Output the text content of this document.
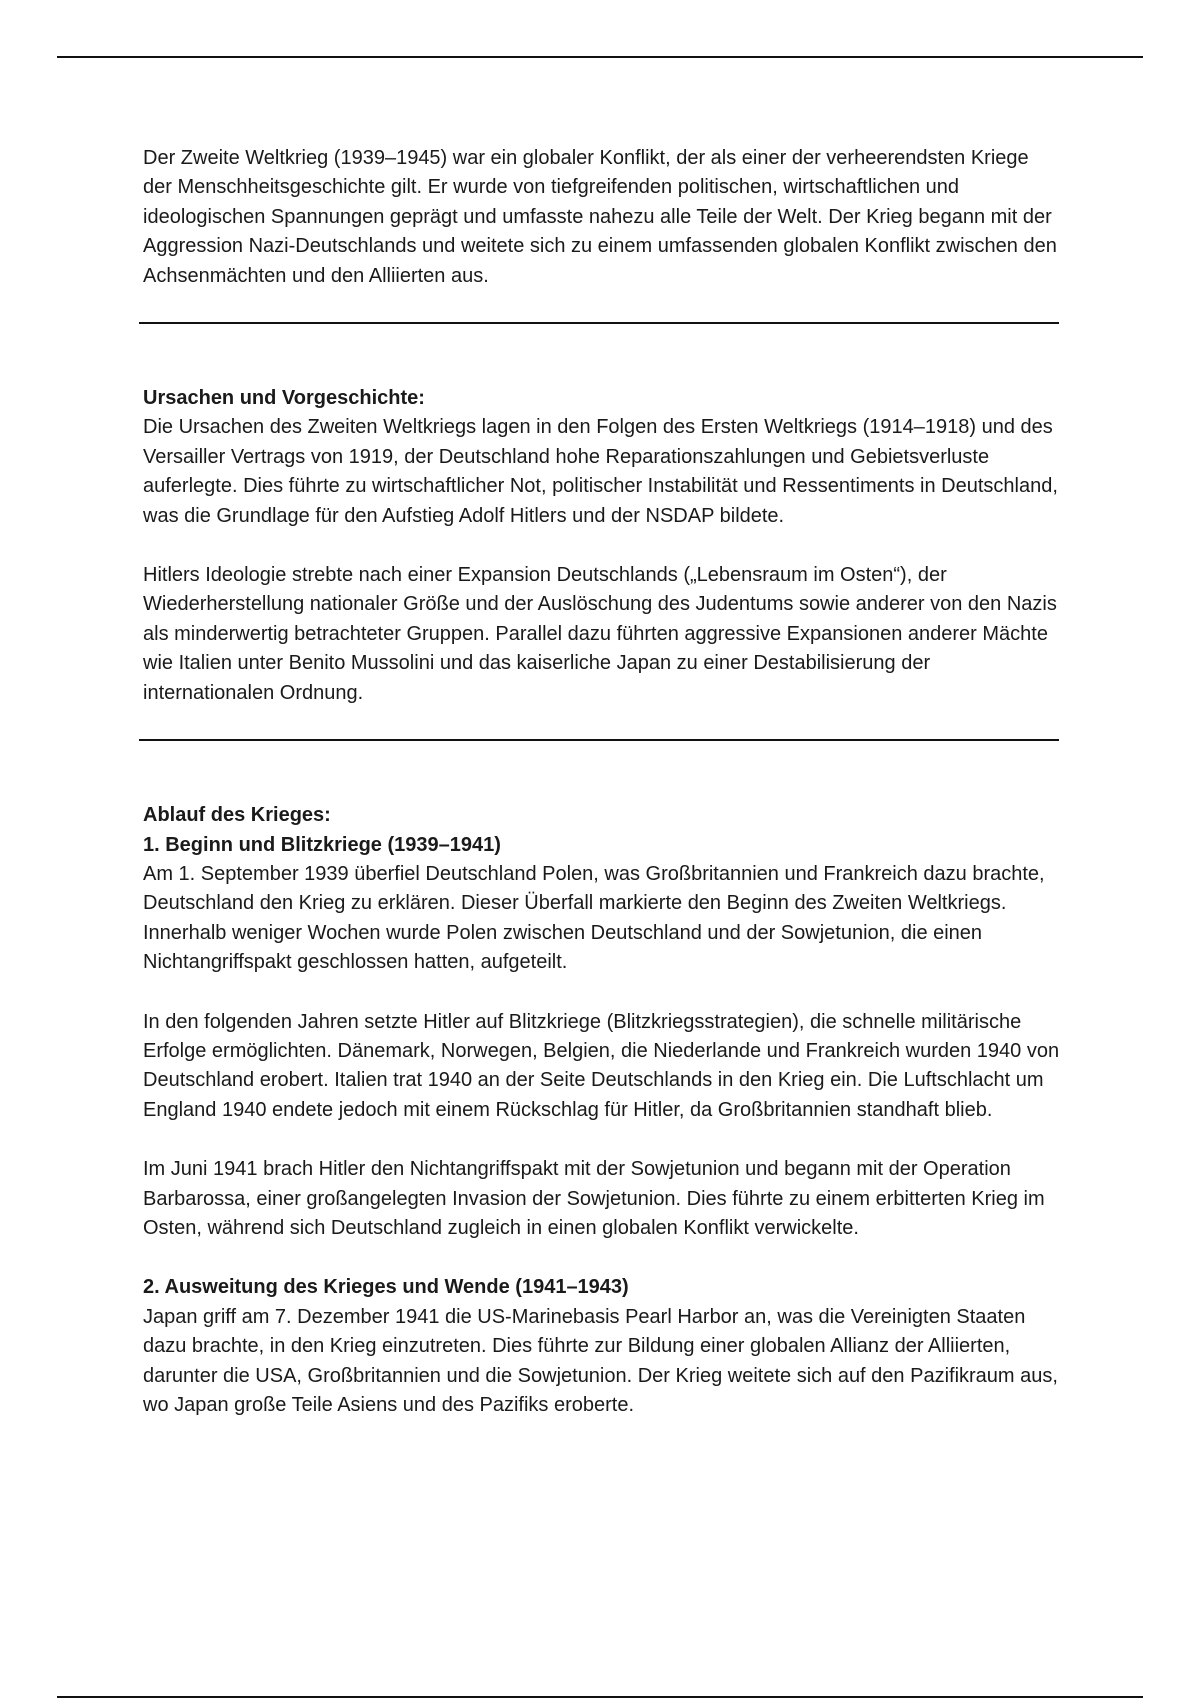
Der Zweite Weltkrieg (1939–1945) war ein globaler Konflikt, der als einer der verheerendsten Kriege der Menschheitsgeschichte gilt. Er wurde von tiefgreifenden politischen, wirtschaftlichen und ideologischen Spannungen geprägt und umfasste nahezu alle Teile der Welt. Der Krieg begann mit der Aggression Nazi-Deutschlands und weitete sich zu einem umfassenden globalen Konflikt zwischen den Achsenmächten und den Alliierten aus.

Ursachen und Vorgeschichte:

Die Ursachen des Zweiten Weltkriegs lagen in den Folgen des Ersten Weltkriegs (1914–1918) und des Versailler Vertrags von 1919, der Deutschland hohe Reparationszahlungen und Gebietsverluste auferlegte. Dies führte zu wirtschaftlicher Not, politischer Instabilität und Ressentiments in Deutschland, was die Grundlage für den Aufstieg Adolf Hitlers und der NSDAP bildete.

Hitlers Ideologie strebte nach einer Expansion Deutschlands („Lebensraum im Osten“), der Wiederherstellung nationaler Größe und der Auslöschung des Judentums sowie anderer von den Nazis als minderwertig betrachteter Gruppen. Parallel dazu führten aggressive Expansionen anderer Mächte wie Italien unter Benito Mussolini und das kaiserliche Japan zu einer Destabilisierung der internationalen Ordnung.

Ablauf des Krieges:

1. Beginn und Blitzkriege (1939–1941)

Am 1. September 1939 überfiel Deutschland Polen, was Großbritannien und Frankreich dazu brachte, Deutschland den Krieg zu erklären. Dieser Überfall markierte den Beginn des Zweiten Weltkriegs. Innerhalb weniger Wochen wurde Polen zwischen Deutschland und der Sowjetunion, die einen Nichtangriffspakt geschlossen hatten, aufgeteilt.

In den folgenden Jahren setzte Hitler auf Blitzkriege (Blitzkriegsstrategien), die schnelle militärische Erfolge ermöglichten. Dänemark, Norwegen, Belgien, die Niederlande und Frankreich wurden 1940 von Deutschland erobert. Italien trat 1940 an der Seite Deutschlands in den Krieg ein. Die Luftschlacht um England 1940 endete jedoch mit einem Rückschlag für Hitler, da Großbritannien standhaft blieb.

Im Juni 1941 brach Hitler den Nichtangriffspakt mit der Sowjetunion und begann mit der Operation Barbarossa, einer großangelegten Invasion der Sowjetunion. Dies führte zu einem erbitterten Krieg im Osten, während sich Deutschland zugleich in einen globalen Konflikt verwickelte.

2. Ausweitung des Krieges und Wende (1941–1943)

Japan griff am 7. Dezember 1941 die US-Marinebasis Pearl Harbor an, was die Vereinigten Staaten dazu brachte, in den Krieg einzutreten. Dies führte zur Bildung einer globalen Allianz der Alliierten, darunter die USA, Großbritannien und die Sowjetunion. Der Krieg weitete sich auf den Pazifikraum aus, wo Japan große Teile Asiens und des Pazifiks eroberte.
